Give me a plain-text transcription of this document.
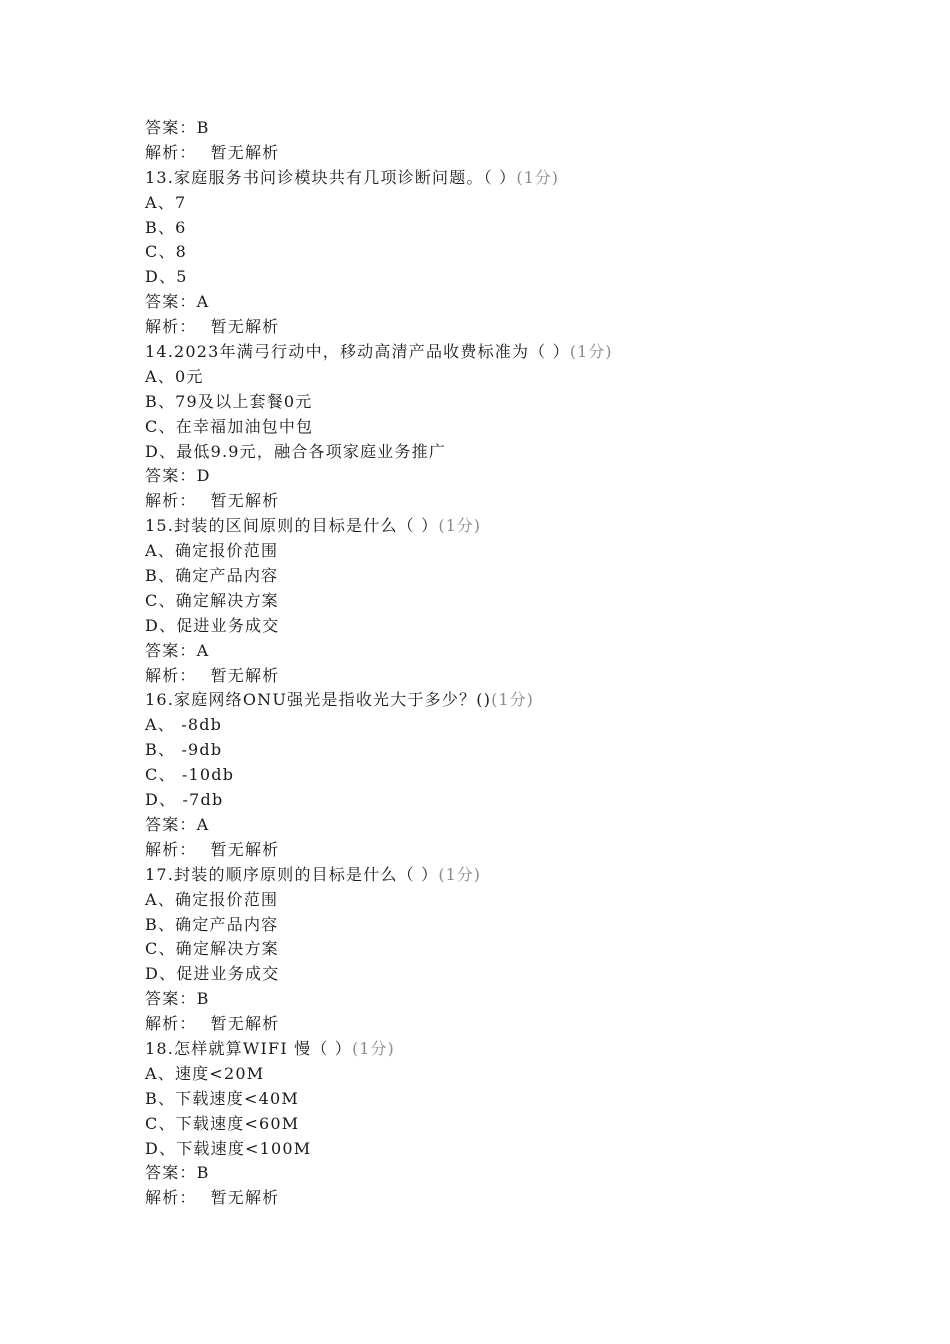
答案：B
解析： 暂无解析
13.家庭服务书问诊模块共有几项诊断问题。（ ）(1分)
A、7
B、6
C、8
D、5
答案：A
解析： 暂无解析
14.2023年满弓行动中，移动高清产品收费标准为（ ）(1分)
A、0元
B、79及以上套餐0元
C、在幸福加油包中包
D、最低9.9元，融合各项家庭业务推广
答案：D
解析： 暂无解析
15.封装的区间原则的目标是什么（ ）(1分)
A、确定报价范围
B、确定产品内容
C、确定解决方案
D、促进业务成交
答案：A
解析： 暂无解析
16.家庭网络ONU强光是指收光大于多少？()(1分)
A、 -8db
B、 -9db
C、 -10db
D、 -7db
答案：A
解析： 暂无解析
17.封装的顺序原则的目标是什么（ ）(1分)
A、确定报价范围
B、确定产品内容
C、确定解决方案
D、促进业务成交
答案：B
解析： 暂无解析
18.怎样就算WIFI 慢（ ）(1分)
A、速度<20M
B、下载速度<40M
C、下载速度<60M
D、下载速度<100M
答案：B
解析： 暂无解析
